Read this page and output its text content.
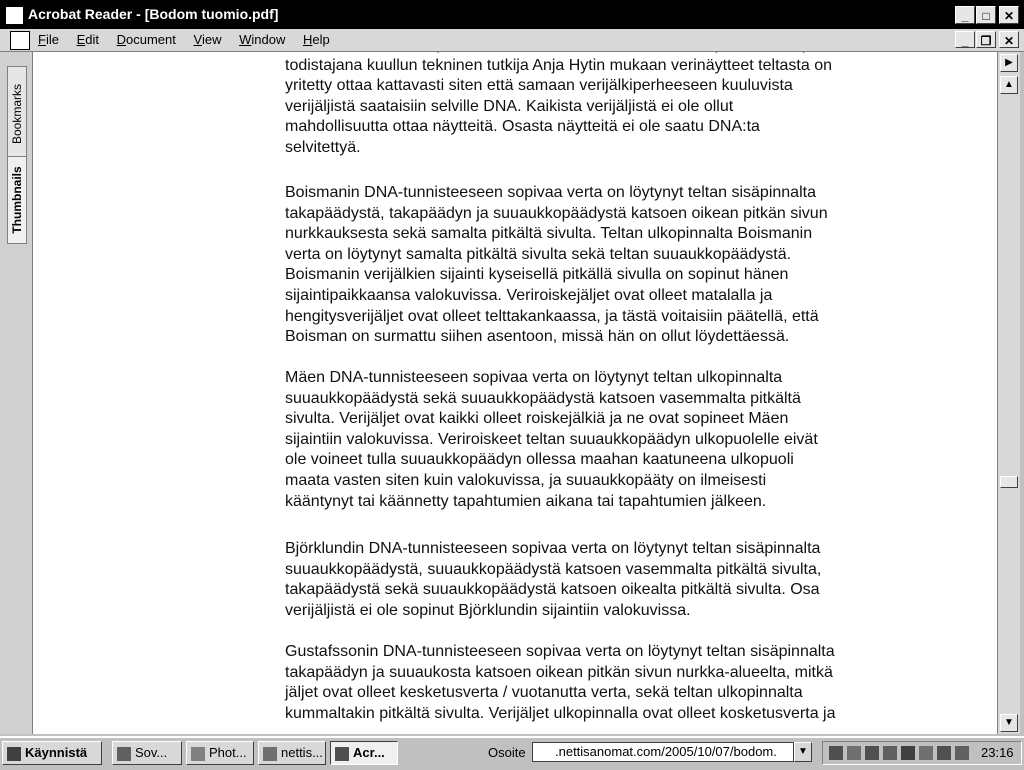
Acrobat Reader - [Bodom tuomio.pdf]	_	□	✕
File Edit Document View Window Help	_	❐	✕
Bookmarks
Thumbnails

todistajana kuullun tekninen tutkija Anja Hytin mukaan verinäytteet teltasta on

yritetty ottaa kattavasti siten että samaan verijälkiperheeseen kuuluvista

verijäljistä saataisiin selville DNA. Kaikista verijäljistä ei ole ollut

mahdollisuutta ottaa näytteitä. Osasta näytteitä ei ole saatu DNA:ta

selvitettyä.

Boismanin DNA-tunnisteeseen sopivaa verta on löytynyt teltan sisäpinnalta

takapäädystä, takapäädyn ja suuaukkopäädystä katsoen oikean pitkän sivun

nurkkauksesta sekä samalta pitkältä sivulta. Teltan ulkopinnalta Boismanin

verta on löytynyt samalta pitkältä sivulta sekä teltan suuaukkopäädystä.

Boismanin verijälkien sijainti kyseisellä pitkällä sivulla on sopinut hänen

sijaintipaikkaansa valokuvissa. Veriroiskejäljet ovat olleet matalalla ja

hengitysverijäljet ovat olleet telttakankaassa, ja tästä voitaisiin päätellä, että

Boisman on surmattu siihen asentoon, missä hän on ollut löydettäessä.

Mäen DNA-tunnisteeseen sopivaa verta on löytynyt teltan ulkopinnalta

suuaukkopäädystä sekä suuaukkopäädystä katsoen vasemmalta pitkältä

sivulta. Verijäljet ovat kaikki olleet roiskejälkiä ja ne ovat sopineet Mäen

sijaintiin valokuvissa. Veriroiskeet teltan suuaukkopäädyn ulkopuolelle eivät

ole voineet tulla suuaukkopäädyn ollessa maahan kaatuneena ulkopuoli

maata vasten siten kuin valokuvissa, ja suuaukkopääty on ilmeisesti

kääntynyt tai käännetty tapahtumien aikana tai tapahtumien jälkeen.

Björklundin DNA-tunnisteeseen sopivaa verta on löytynyt teltan sisäpinnalta

suuaukkopäädystä, suuaukkopäädystä katsoen vasemmalta pitkältä sivulta,

takapäädystä sekä suuaukkopäädystä katsoen oikealta pitkältä sivulta. Osa

verijäljistä ei ole sopinut Björklundin sijaintiin valokuvissa.

Gustafssonin DNA-tunnisteeseen sopivaa verta on löytynyt teltan sisäpinnalta

takapäädyn ja suuaukosta katsoen oikean pitkän sivun nurkka-alueelta, mitkä

jäljet ovat olleet kesketusverta / vuotanutta verta, sekä teltan ulkopinnalta

kummaltakin pitkältä sivulta. Verijäljet ulkopinnalla ovat olleet kosketusverta ja

▶
▲
▼
Käynnistä	Sov...	Phot...	nettis...	Acr...	Osoite	.nettisanomat.com/2005/10/07/bodom.	▼	23:16
